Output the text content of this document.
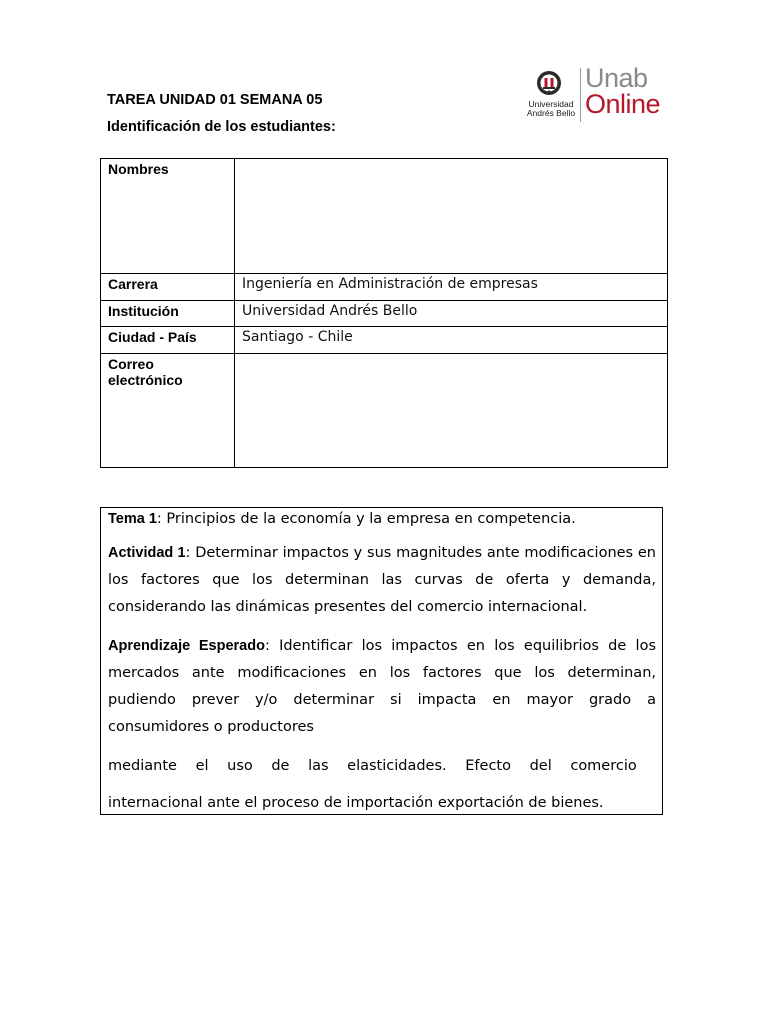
TAREA UNIDAD 01 SEMANA 05
Identificación de los estudiantes:
Universidad
Andrés Bello
Unab
Online
Nombres	
Carrera	Ingeniería en Administración de empresas
Institución	Universidad Andrés Bello
Ciudad - País	Santiago - Chile
Correo
electrónico	

Tema 1: Principios de la economía y la empresa en competencia.

Actividad 1: Determinar impactos y sus magnitudes ante modificaciones en los factores que los determinan las curvas de oferta y demanda, considerando las dinámicas presentes del comercio internacional.

Aprendizaje Esperado: Identificar los impactos en los equilibrios de los mercados ante modificaciones en los factores que los determinan, pudiendo prever y/o determinar si impacta en mayor grado a consumidores o productores

mediante el uso de las elasticidades. Efecto del comercio

internacional ante el proceso de importación exportación de bienes.
